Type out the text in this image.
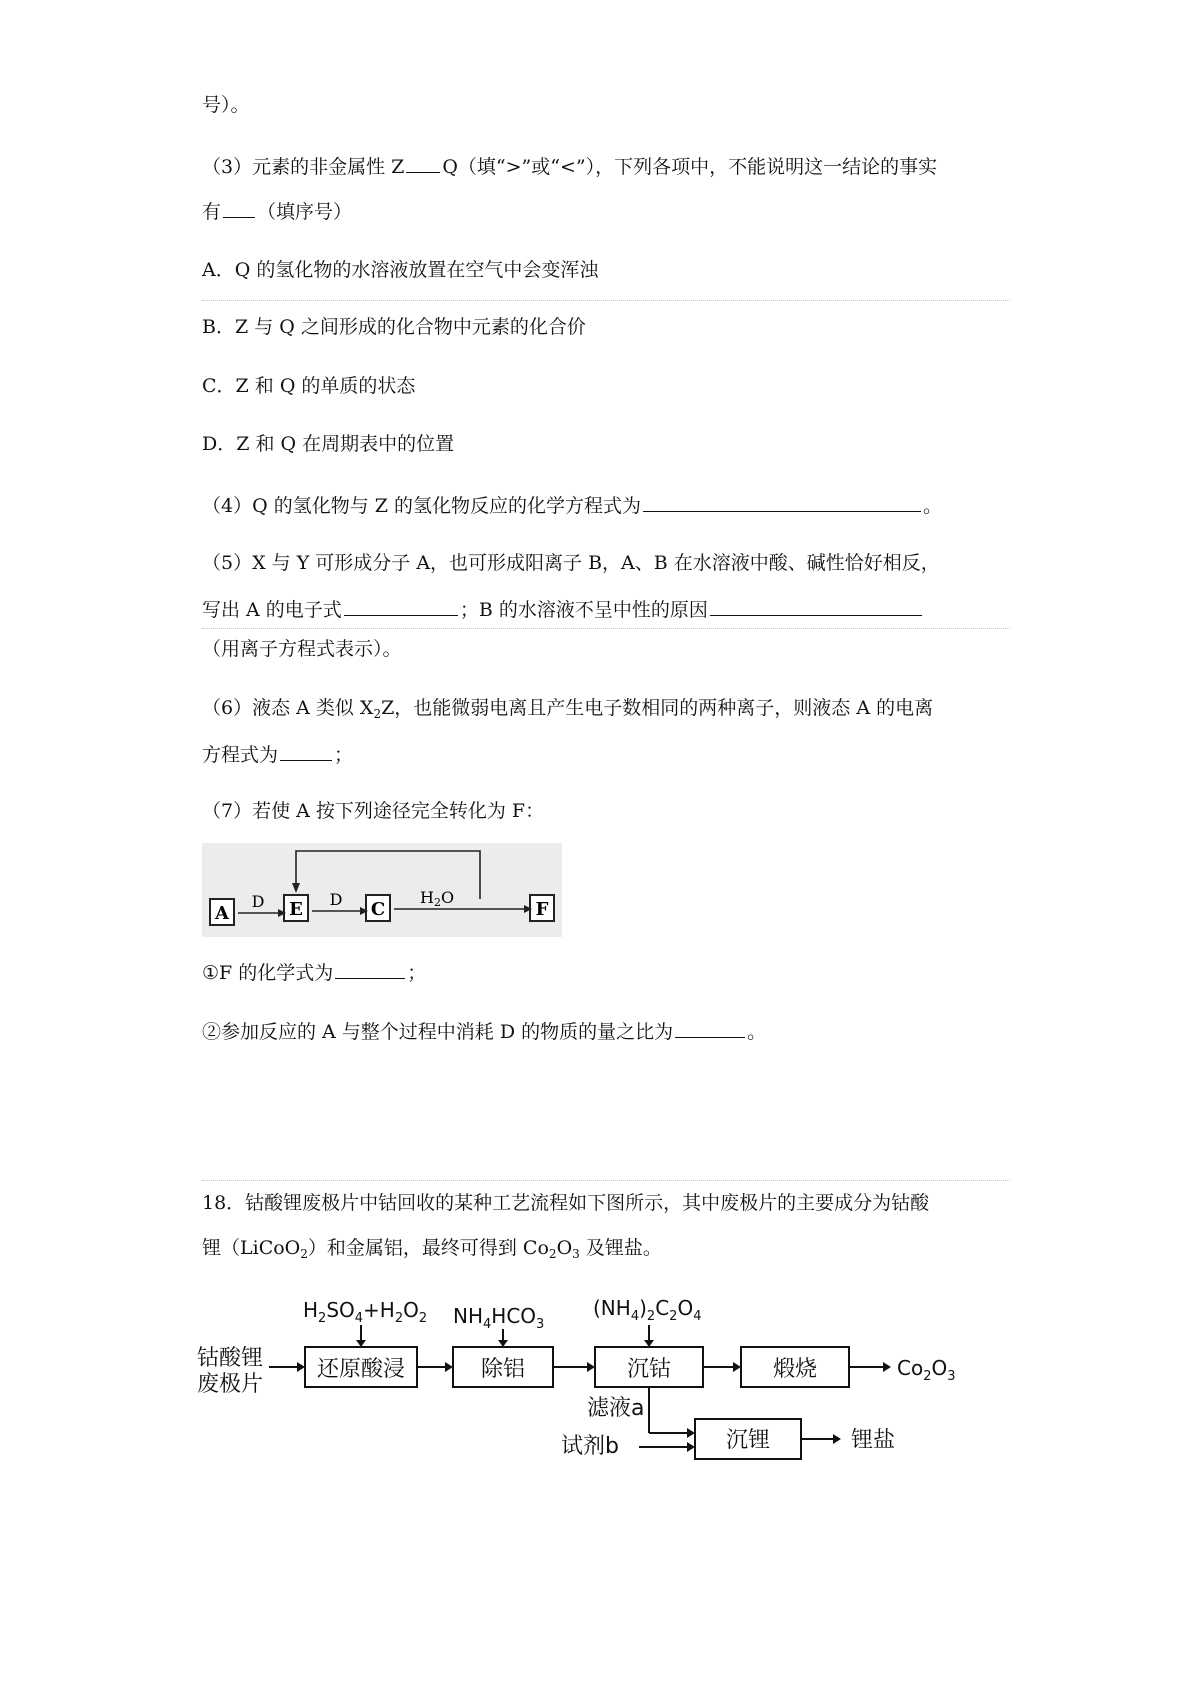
号）。
（3）元素的非金属性 Z Q（填“>”或“<”），下列各项中，不能说明这一结论的事实
有 （填序号）
A．Q 的氢化物的水溶液放置在空气中会变浑浊
B．Z 与 Q 之间形成的化合物中元素的化合价
C．Z 和 Q 的单质的状态
D．Z 和 Q 在周期表中的位置
（4）Q 的氢化物与 Z 的氢化物反应的化学方程式为	。
（5）X 与 Y 可形成分子 A，也可形成阳离子 B，A、B 在水溶液中酸、碱性恰好相反，
写出 A 的电子式	；B 的水溶液不呈中性的原因
（用离子方程式表示）。
（6）液态 A 类似 $X_2Z$，也能微弱电离且产生电子数相同的两种离子，则液态 A 的电离
方程式为	；
（7）若使 A 按下列途径完全转化为 F：
A	E	C	F
D	D	H2O
①F 的化学式为	；
②参加反应的 A 与整个过程中消耗 D 的物质的量之比为	。
18．钴酸锂废极片中钴回收的某种工艺流程如下图所示，其中废极片的主要成分为钴酸
锂（LiCoO$_2$）和金属铝，最终可得到 $Co_2O_3$ 及锂盐。
钴酸锂
废极片
还原酸浸
$H_2SO_4+H_2O_2$
除铝
$NH_4HCO_3$
沉钴
$(NH_4)_2C_2O_4$
煅烧	$Co_2O_3$
滤液a
试剂b	沉锂	锂盐
